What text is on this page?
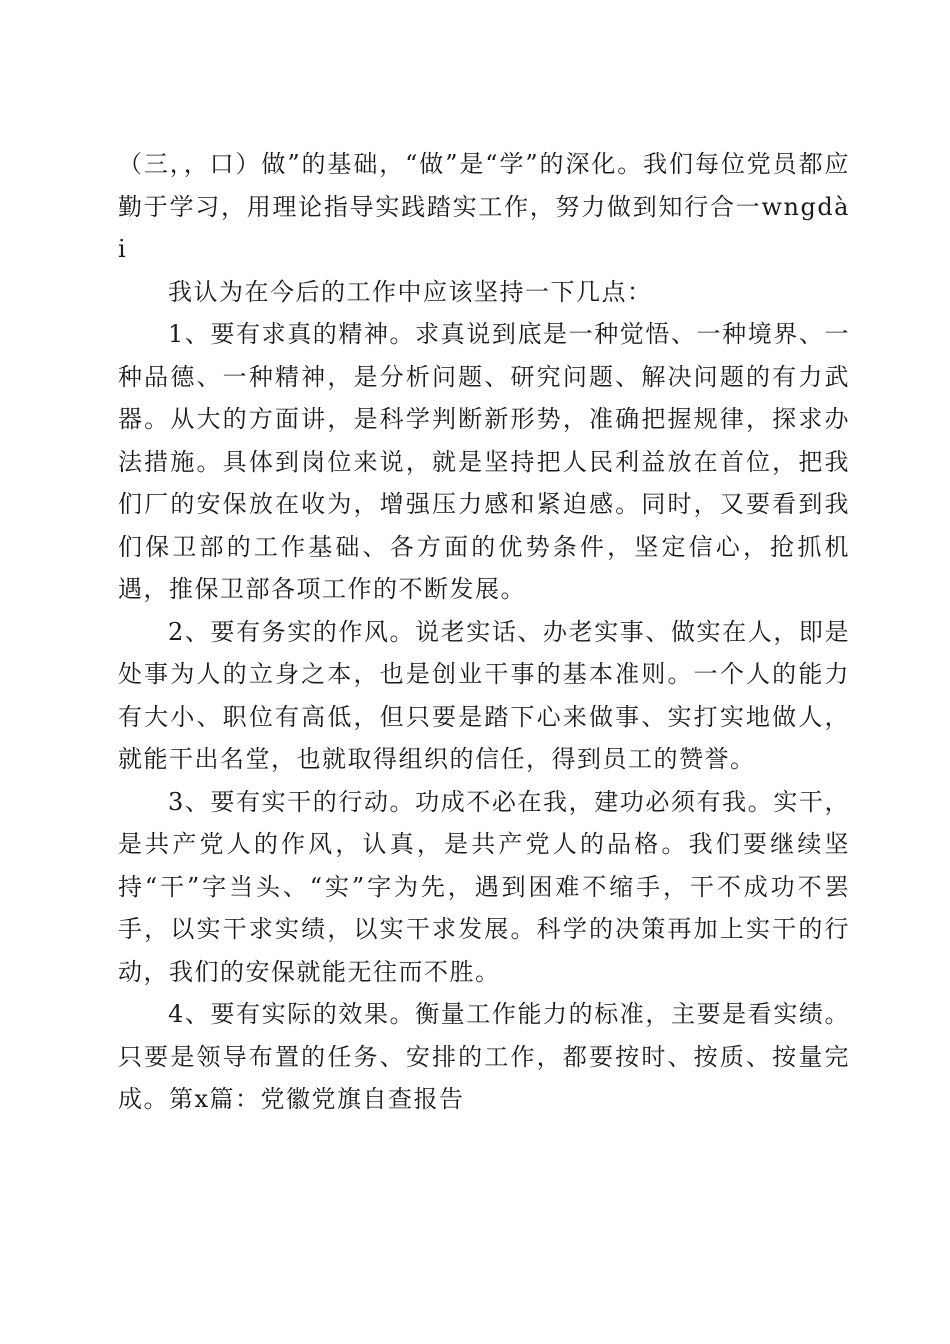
（三，，口）做”的基础，“做”是“学”的深化。我们每位党员都应勤于学习，用理论指导实践踏实工作，努力做到知行合一wngdài

我认为在今后的工作中应该坚持一下几点：

1、要有求真的精神。求真说到底是一种觉悟、一种境界、一种品德、一种精神，是分析问题、研究问题、解决问题的有力武器。从大的方面讲，是科学判断新形势，准确把握规律，探求办法措施。具体到岗位来说，就是坚持把人民利益放在首位，把我们厂的安保放在收为，增强压力感和紧迫感。同时，又要看到我们保卫部的工作基础、各方面的优势条件，坚定信心，抢抓机遇，推保卫部各项工作的不断发展。

2、要有务实的作风。说老实话、办老实事、做实在人，即是处事为人的立身之本，也是创业干事的基本准则。一个人的能力有大小、职位有高低，但只要是踏下心来做事、实打实地做人，就能干出名堂，也就取得组织的信任，得到员工的赞誉。

3、要有实干的行动。功成不必在我，建功必须有我。实干，是共产党人的作风，认真，是共产党人的品格。我们要继续坚持“干”字当头、“实”字为先，遇到困难不缩手，干不成功不罢手，以实干求实绩，以实干求发展。科学的决策再加上实干的行动，我们的安保就能无往而不胜。

4、要有实际的效果。衡量工作能力的标准，主要是看实绩。只要是领导布置的任务、安排的工作，都要按时、按质、按量完成。第x篇：党徽党旗自查报告
